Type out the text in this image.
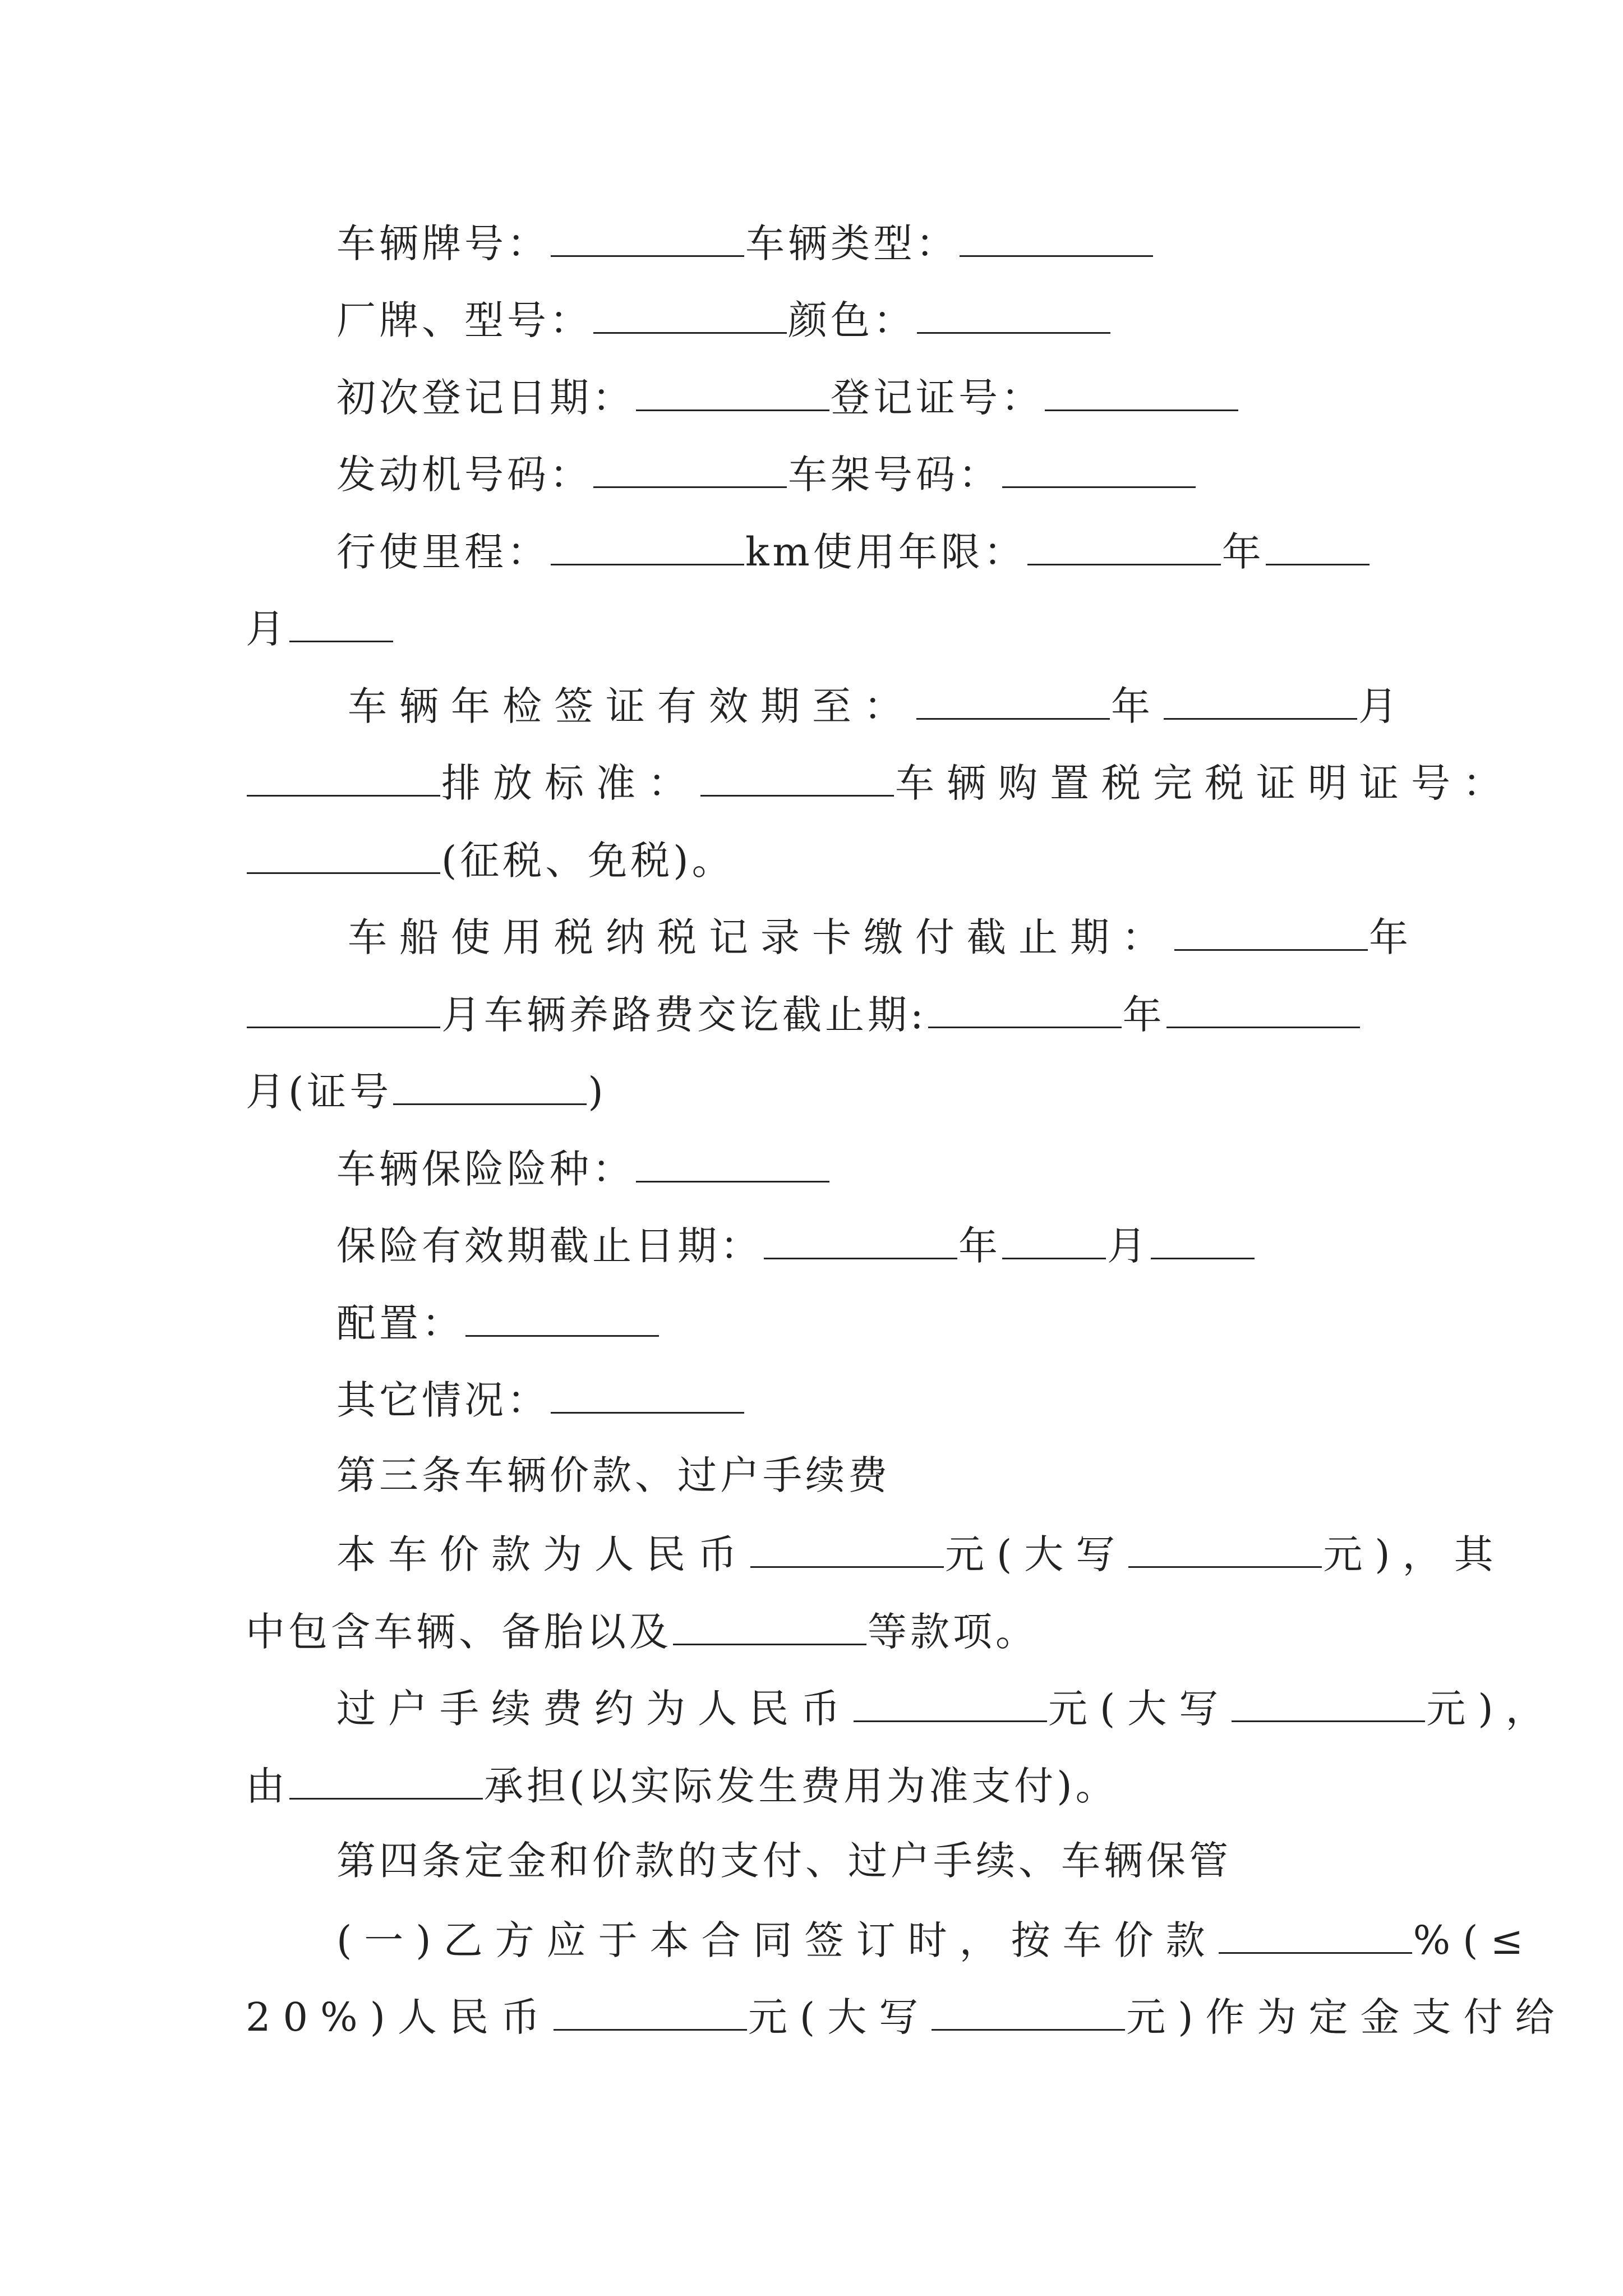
车辆牌号：	车辆类型：
厂牌、型号：	颜色：
初次登记日期：	登记证号：
发动机号码：	车架号码：
行使里程：	km使用年限：	年
月
车辆年检签证有效期至：	年	月
排放标准：	车辆购置税完税证明证号：
(征税、免税)。
车船使用税纳税记录卡缴付截止期：	年
月车辆养路费交讫截止期:	年
月(证号	)
车辆保险险种：
保险有效期截止日期：	年	月
配置：
其它情况：
第三条车辆价款、过户手续费
本车价款为人民币	元(大写	元)，其
中包含车辆、备胎以及	等款项。
过户手续费约为人民币	元(大写	元)，
由	承担(以实际发生费用为准支付)。
第四条定金和价款的支付、过户手续、车辆保管
(一)乙方应于本合同签订时，按车价款	%(≤
20%)人民币	元(大写	元)作为定金支付给
